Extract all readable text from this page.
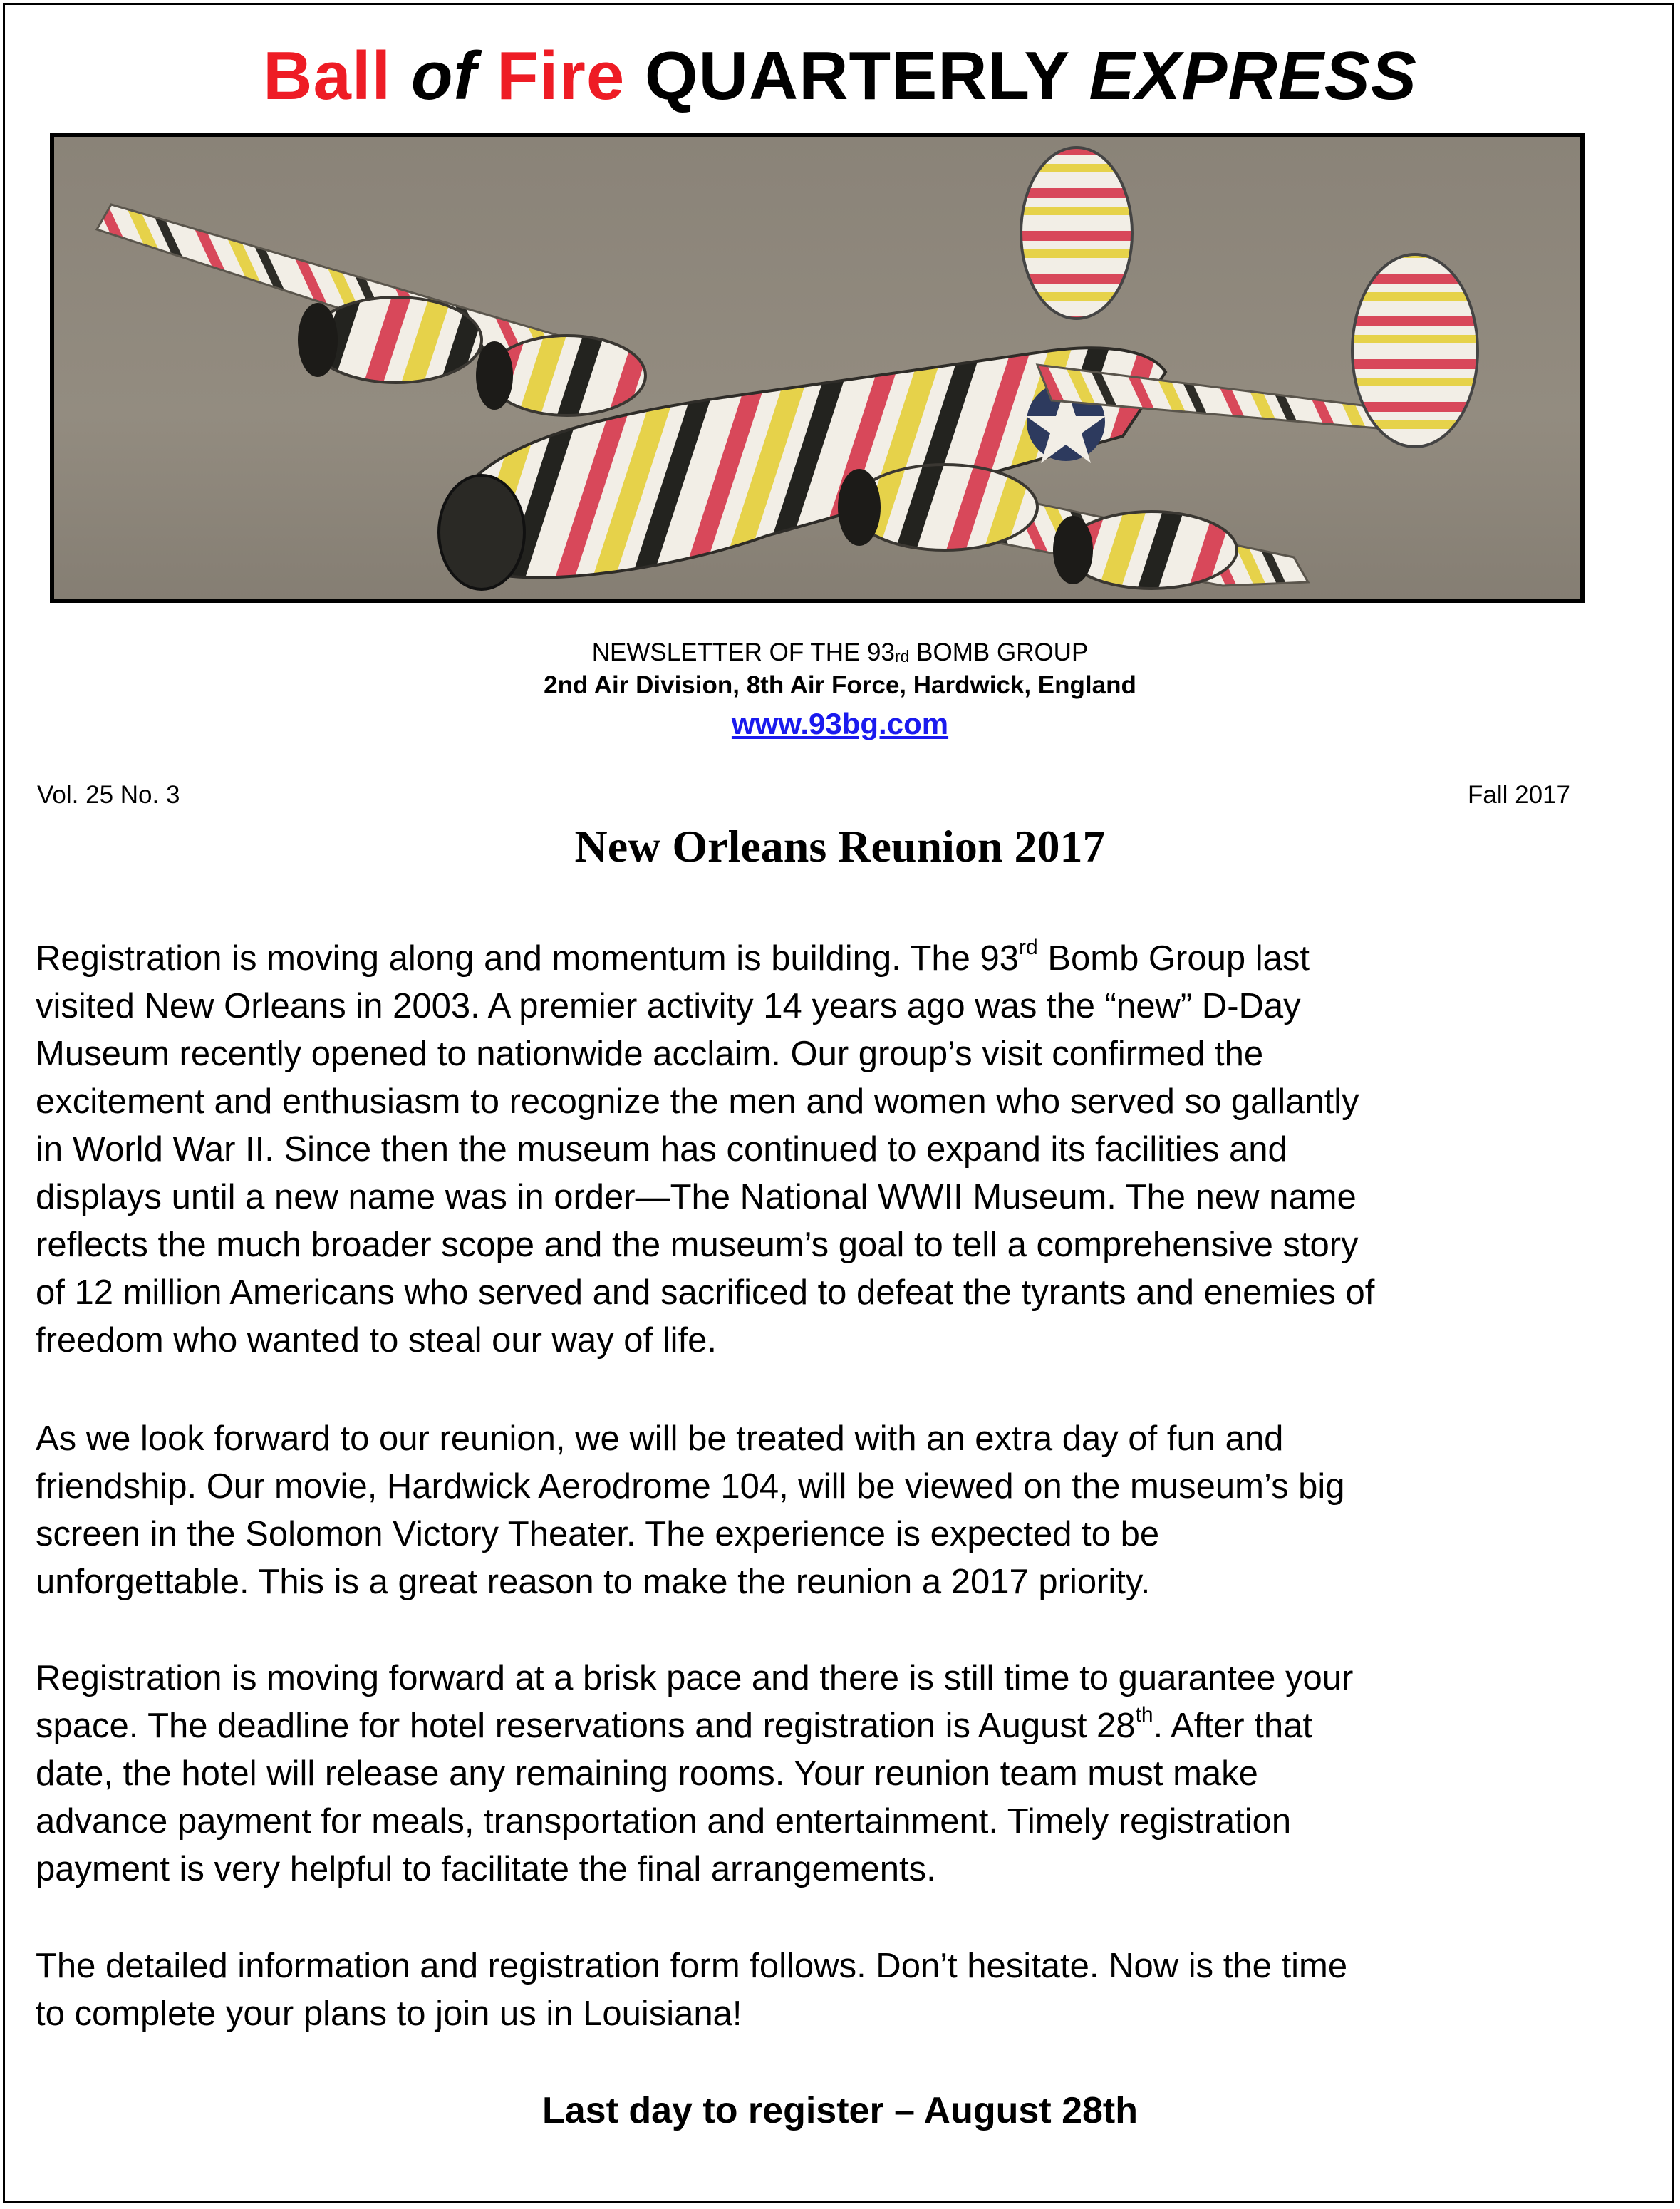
Ball of Fire QUARTERLY EXPRESS
NEWSLETTER OF THE $93_{rd}$ BOMB GROUP
2nd Air Division, 8th Air Force, Hardwick, England
www.93bg.com
Vol. 25 No. 3	Fall 2017
New Orleans Reunion 2017
Registration is moving along and momentum is building. The 93rd Bomb Group last
visited New Orleans in 2003. A premier activity 14 years ago was the “new” D-Day
Museum recently opened to nationwide acclaim. Our group’s visit confirmed the
excitement and enthusiasm to recognize the men and women who served so gallantly
in World War II. Since then the museum has continued to expand its facilities and
displays until a new name was in order—The National WWII Museum. The new name
reflects the much broader scope and the museum’s goal to tell a comprehensive story
of 12 million Americans who served and sacrificed to defeat the tyrants and enemies of
freedom who wanted to steal our way of life.
As we look forward to our reunion, we will be treated with an extra day of fun and
friendship. Our movie, Hardwick Aerodrome 104, will be viewed on the museum’s big
screen in the Solomon Victory Theater. The experience is expected to be
unforgettable. This is a great reason to make the reunion a 2017 priority.
Registration is moving forward at a brisk pace and there is still time to guarantee your
space. The deadline for hotel reservations and registration is August 28th. After that
date, the hotel will release any remaining rooms. Your reunion team must make
advance payment for meals, transportation and entertainment. Timely registration
payment is very helpful to facilitate the final arrangements.
The detailed information and registration form follows. Don’t hesitate. Now is the time
to complete your plans to join us in Louisiana!
Last day to register – August 28th
